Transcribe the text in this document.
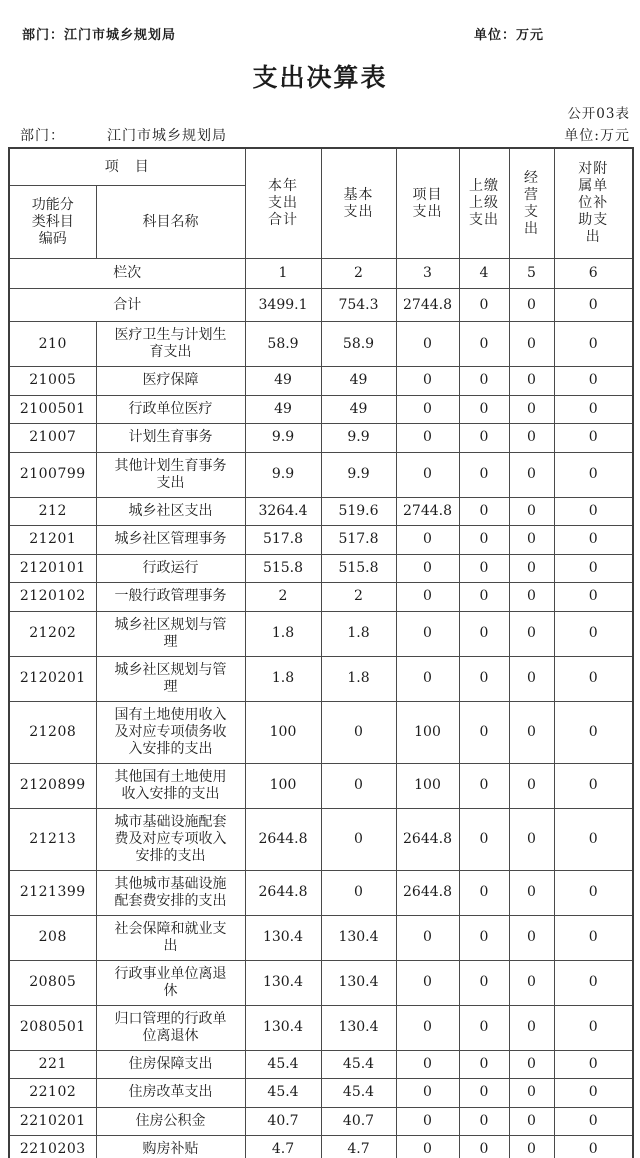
部门：江门市城乡规划局	单位：万元
支出决算表
公开03表
部门：	江门市城乡规划局	单位:万元
项　目		本年支出合计	基本支出	项目支出	上缴上级支出	经营支出	对附属单位补助支出
功能分类科目编码	科目名称						
栏次		1	2	3	4	5	6
合计		3499.1	754.3	2744.8	0	0	0
210	医疗卫生与计划生育支出	58.9	58.9	0	0	0	0
21005	医疗保障	49	49	0	0	0	0
2100501	行政单位医疗	49	49	0	0	0	0
21007	计划生育事务	9.9	9.9	0	0	0	0
2100799	其他计划生育事务支出	9.9	9.9	0	0	0	0
212	城乡社区支出	3264.4	519.6	2744.8	0	0	0
21201	城乡社区管理事务	517.8	517.8	0	0	0	0
2120101	行政运行	515.8	515.8	0	0	0	0
2120102	一般行政管理事务	2	2	0	0	0	0
21202	城乡社区规划与管理	1.8	1.8	0	0	0	0
2120201	城乡社区规划与管理	1.8	1.8	0	0	0	0
21208	国有土地使用收入及对应专项债务收入安排的支出	100	0	100	0	0	0
2120899	其他国有土地使用收入安排的支出	100	0	100	0	0	0
21213	城市基础设施配套费及对应专项收入安排的支出	2644.8	0	2644.8	0	0	0
2121399	其他城市基础设施配套费安排的支出	2644.8	0	2644.8	0	0	0
208	社会保障和就业支出	130.4	130.4	0	0	0	0
20805	行政事业单位离退休	130.4	130.4	0	0	0	0
2080501	归口管理的行政单位离退休	130.4	130.4	0	0	0	0
221	住房保障支出	45.4	45.4	0	0	0	0
22102	住房改革支出	45.4	45.4	0	0	0	0
2210201	住房公积金	40.7	40.7	0	0	0	0
2210203	购房补贴	4.7	4.7	0	0	0	0
